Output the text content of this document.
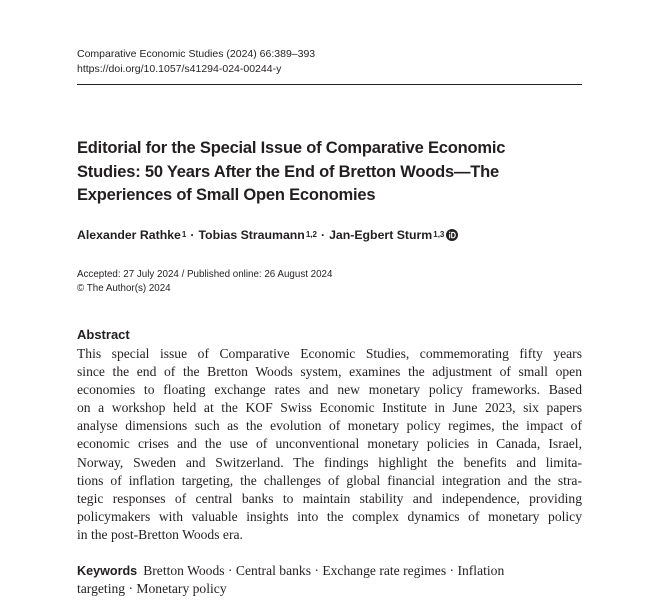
Comparative Economic Studies (2024) 66:389–393
https://doi.org/10.1057/s41294-024-00244-y
Editorial for the Special Issue of Comparative Economic
Studies: 50 Years After the End of Bretton Woods—The
Experiences of Small Open Economies
Alexander Rathke 1 · Tobias Straumann 1,2 · Jan-Egbert Sturm 1,3
Accepted: 27 July 2024 / Published online: 26 August 2024
© The Author(s) 2024
Abstract
This special issue of Comparative Economic Studies, commemorating fifty years
since the end of the Bretton Woods system, examines the adjustment of small open
economies to floating exchange rates and new monetary policy frameworks. Based
on a workshop held at the KOF Swiss Economic Institute in June 2023, six papers
analyse dimensions such as the evolution of monetary policy regimes, the impact of
economic crises and the use of unconventional monetary policies in Canada, Israel,
Norway, Sweden and Switzerland. The findings highlight the benefits and limita-
tions of inflation targeting, the challenges of global financial integration and the stra-
tegic responses of central banks to maintain stability and independence, providing
policymakers with valuable insights into the complex dynamics of monetary policy
in the post-Bretton Woods era.
Keywords Bretton Woods · Central banks · Exchange rate regimes · Inflation
targeting · Monetary policy
